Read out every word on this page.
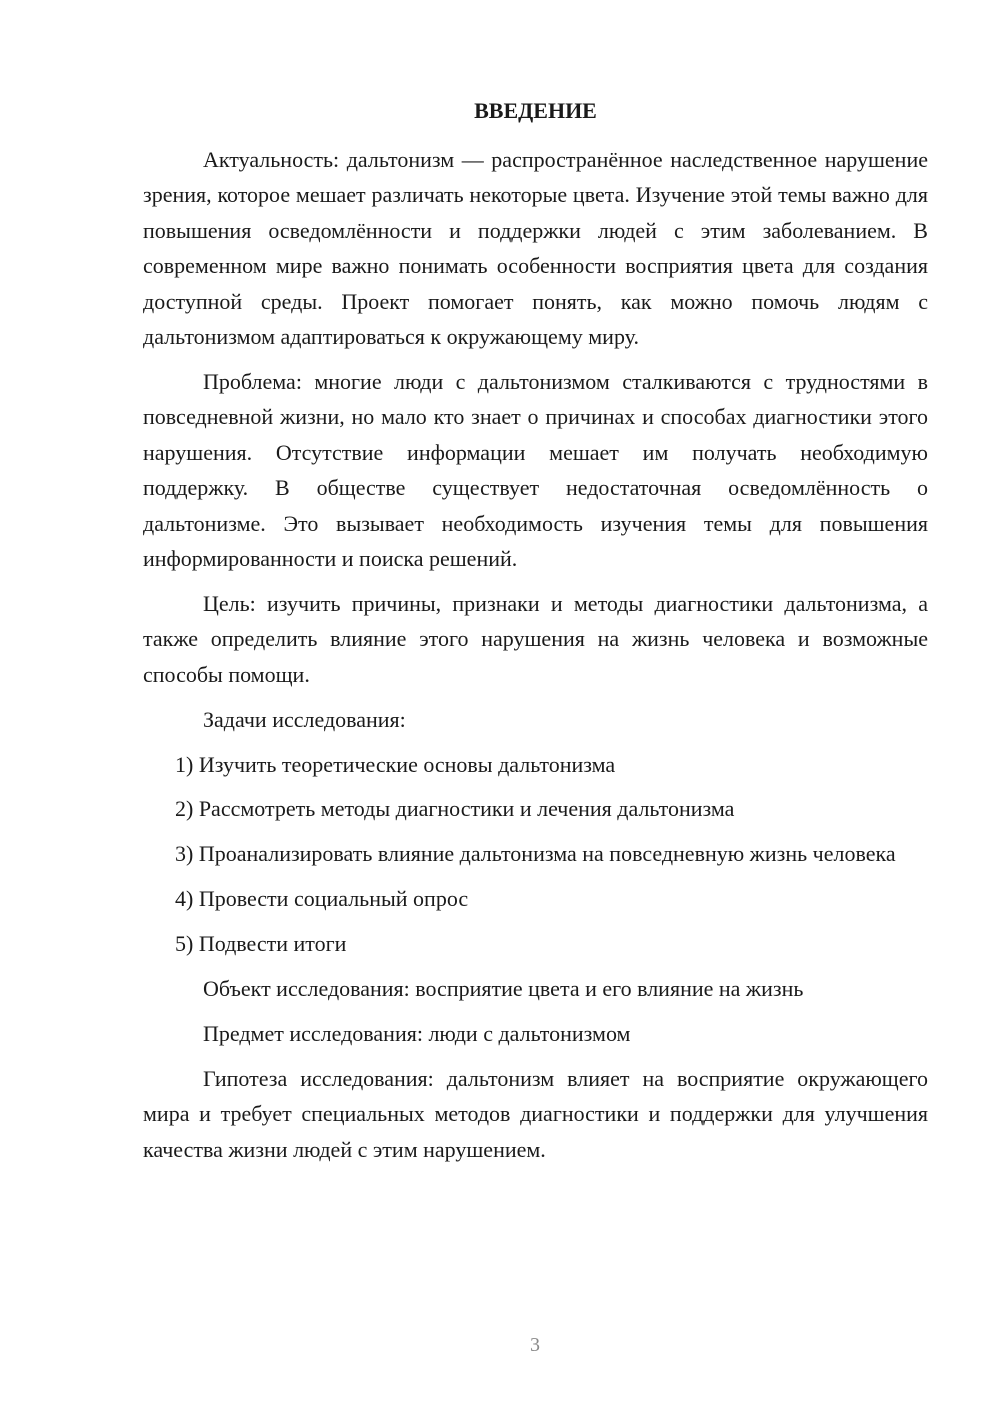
ВВЕДЕНИЕ

Актуальность: дальтонизм — распространённое наследственное нарушение зрения, которое мешает различать некоторые цвета. Изучение этой темы важно для повышения осведомлённости и поддержки людей с этим заболеванием. В современном мире важно понимать особенности восприятия цвета для создания доступной среды. Проект помогает понять, как можно помочь людям с дальтонизмом адаптироваться к окружающему миру.

Проблема: многие люди с дальтонизмом сталкиваются с трудностями в повседневной жизни, но мало кто знает о причинах и способах диагностики этого нарушения. Отсутствие информации мешает им получать необходимую поддержку. В обществе существует недостаточная осведомлённость о дальтонизме. Это вызывает необходимость изучения темы для повышения информированности и поиска решений.

Цель: изучить причины, признаки и методы диагностики дальтонизма, а также определить влияние этого нарушения на жизнь человека и возможные способы помощи.

Задачи исследования:

1) Изучить теоретические основы дальтонизма

2) Рассмотреть методы диагностики и лечения дальтонизма

3) Проанализировать влияние дальтонизма на повседневную жизнь человека

4) Провести социальный опрос

5) Подвести итоги

Объект исследования: восприятие цвета и его влияние на жизнь

Предмет исследования: люди с дальтонизмом

Гипотеза исследования: дальтонизм влияет на восприятие окружающего мира и требует специальных методов диагностики и поддержки для улучшения качества жизни людей с этим нарушением.

3
